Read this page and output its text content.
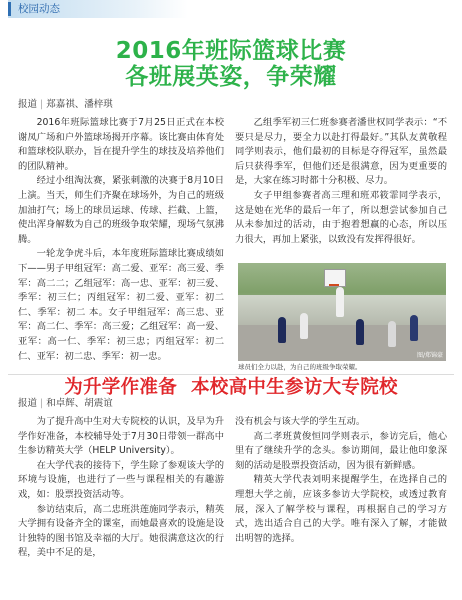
校园动态
2016年班际篮球比赛
各班展英姿，争荣耀
报道 | 郑嘉祺、潘梓琪

2016年班际篮球比赛于7月25日正式在本校谢凤广场和户外篮球场揭开序幕。该比赛由体育处和篮球校队联办，旨在提升学生的球技及培养他们的团队精神。

经过小组淘汰赛，紧张刺激的决赛于8月10日上演。当天，师生们齐聚在球场外，为自己的班级加油打气；场上的球员运球、传球、拦截、上篮，使出浑身解数为自己的班级争取荣耀，现场气氛沸腾。

一轮龙争虎斗后，本年度班际篮球比赛成绩如下——男子甲组冠军：高二爱、亚军：高三爱、季军：高二二；乙组冠军：高一忠、亚军：初三爱、季军：初三仁；丙组冠军：初二爱、亚军：初二仁、季军：初二 本。女子甲组冠军：高三忠、亚军：高二仁、季军：高三爱；乙组冠军：高一爱、亚军：高一仁、季军：初三忠；丙组冠军：初二仁、亚军：初二忠、季军：初一忠。

乙组季军初三仁班参赛者潘世权同学表示：“不要只是尽力，要全力以赴打得最好。”其队友黄敬程同学则表示，他们最初的目标是夺得冠军，虽然最后只获得季军，但他们还是很满意，因为更重要的是，大家在练习时都十分积极、尽力。

女子甲组参赛者高三理和班邓筱霏同学表示，这是她在光华的最后一年了，所以想尝试参加自己从未参加过的活动，由于抱着想赢的心态，所以压力很大，再加上紧张，以致没有发挥得很好。

图/郑锦豪
球员们全力以赴，为自己的班级争取荣耀。
为升学作准备 本校高中生参访大专院校
报道 | 和卓辉、胡震谊

为了提升高中生对大专院校的认识，及早为升学作好准备，本校辅导处于7月30日带领一群高中生参访精英大学（HELP University）。

在大学代表的接待下，学生除了参观该大学的环境与设施，也进行了一些与课程相关的有趣游戏，如：股票投资活动等。

参访结束后，高二忠班洪莲施同学表示，精英大学拥有设备齐全的课室，而她最喜欢的设施是设计独特的图书馆及幸福的大厅。她很满意这次的行程，美中不足的是，

没有机会与该大学的学生互动。

高二孝班黄俊恒同学则表示，参访完后，他心里有了继续升学的念头。参访期间，最让他印象深刻的活动是股票投资活动，因为很有新鲜感。

精英大学代表刘明来提醒学生，在选择自己的理想大学之前，应该多参访大学院校，或透过教育展，深入了解学校与课程，再根据自己的学习方式，选出适合自己的大学。唯有深入了解，才能做出明智的选择。
